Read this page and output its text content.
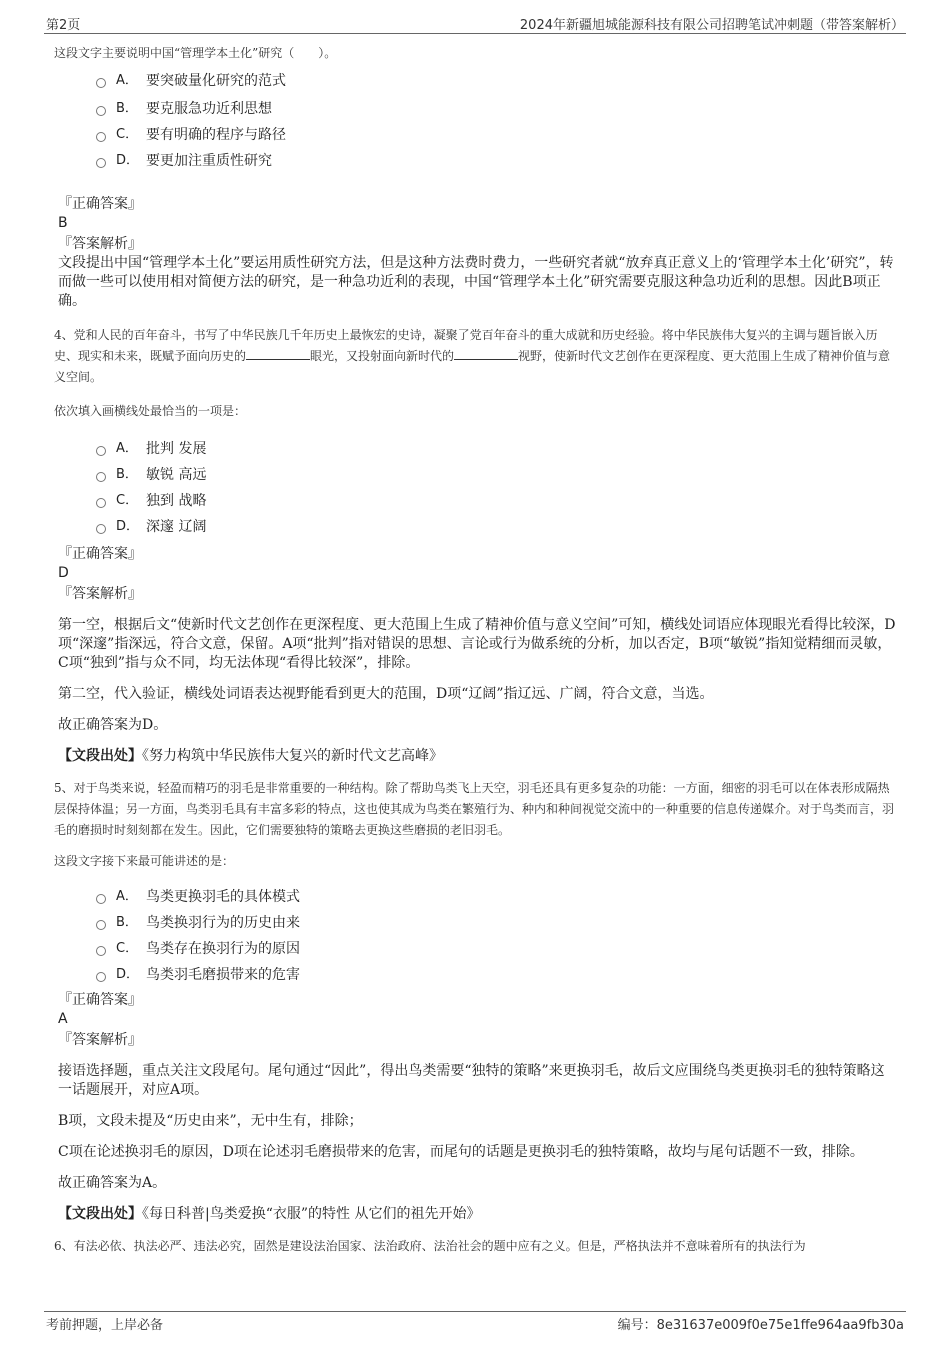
第2页	2024年新疆旭城能源科技有限公司招聘笔试冲刺题（带答案解析）

这段文字主要说明中国“管理学本土化”研究（　　）。

A． 要突破量化研究的范式
B． 要克服急功近利思想
C． 要有明确的程序与路径
D． 要更加注重质性研究

『正确答案』

B

『答案解析』

文段提出中国“管理学本土化”要运用质性研究方法，但是这种方法费时费力，一些研究者就“放弃真正意义上的‘管理学本土化’研究”，转而做一些可以使用相对简便方法的研究，是一种急功近利的表现，中国“管理学本土化”研究需要克服这种急功近利的思想。因此B项正确。

4、党和人民的百年奋斗，书写了中华民族几千年历史上最恢宏的史诗，凝聚了党百年奋斗的重大成就和历史经验。将中华民族伟大复兴的主调与题旨嵌入历史、现实和未来，既赋予面向历史的	眼光，又投射面向新时代的	视野，使新时代文艺创作在更深程度、更大范围上生成了精神价值与意义空间。

依次填入画横线处最恰当的一项是：

A． 批判 发展
B． 敏锐 高远
C． 独到 战略
D． 深邃 辽阔

『正确答案』

D

『答案解析』

第一空，根据后文“使新时代文艺创作在更深程度、更大范围上生成了精神价值与意义空间”可知，横线处词语应体现眼光看得比较深，D项“深邃”指深远，符合文意，保留。A项“批判”指对错误的思想、言论或行为做系统的分析，加以否定，B项“敏锐”指知觉精细而灵敏，C项“独到”指与众不同，均无法体现“看得比较深”，排除。

第二空，代入验证，横线处词语表达视野能看到更大的范围，D项“辽阔”指辽远、广阔，符合文意，当选。

故正确答案为D。

【文段出处】《努力构筑中华民族伟大复兴的新时代文艺高峰》

5、对于鸟类来说，轻盈而精巧的羽毛是非常重要的一种结构。除了帮助鸟类飞上天空，羽毛还具有更多复杂的功能：一方面，细密的羽毛可以在体表形成隔热层保持体温；另一方面，鸟类羽毛具有丰富多彩的特点，这也使其成为鸟类在繁殖行为、种内和种间视觉交流中的一种重要的信息传递媒介。对于鸟类而言，羽毛的磨损时时刻刻都在发生。因此，它们需要独特的策略去更换这些磨损的老旧羽毛。

这段文字接下来最可能讲述的是：

A． 鸟类更换羽毛的具体模式
B． 鸟类换羽行为的历史由来
C． 鸟类存在换羽行为的原因
D． 鸟类羽毛磨损带来的危害

『正确答案』

A

『答案解析』

接语选择题，重点关注文段尾句。尾句通过“因此”，得出鸟类需要“独特的策略”来更换羽毛，故后文应围绕鸟类更换羽毛的独特策略这一话题展开，对应A项。

B项，文段未提及“历史由来”，无中生有，排除；

C项在论述换羽毛的原因，D项在论述羽毛磨损带来的危害，而尾句的话题是更换羽毛的独特策略，故均与尾句话题不一致，排除。

故正确答案为A。

【文段出处】《每日科普|鸟类爱换“衣服”的特性 从它们的祖先开始》

6、有法必依、执法必严、违法必究，固然是建设法治国家、法治政府、法治社会的题中应有之义。但是，严格执法并不意味着所有的执法行为

考前押题，上岸必备	编号：8e31637e009f0e75e1ffe964aa9fb30a
